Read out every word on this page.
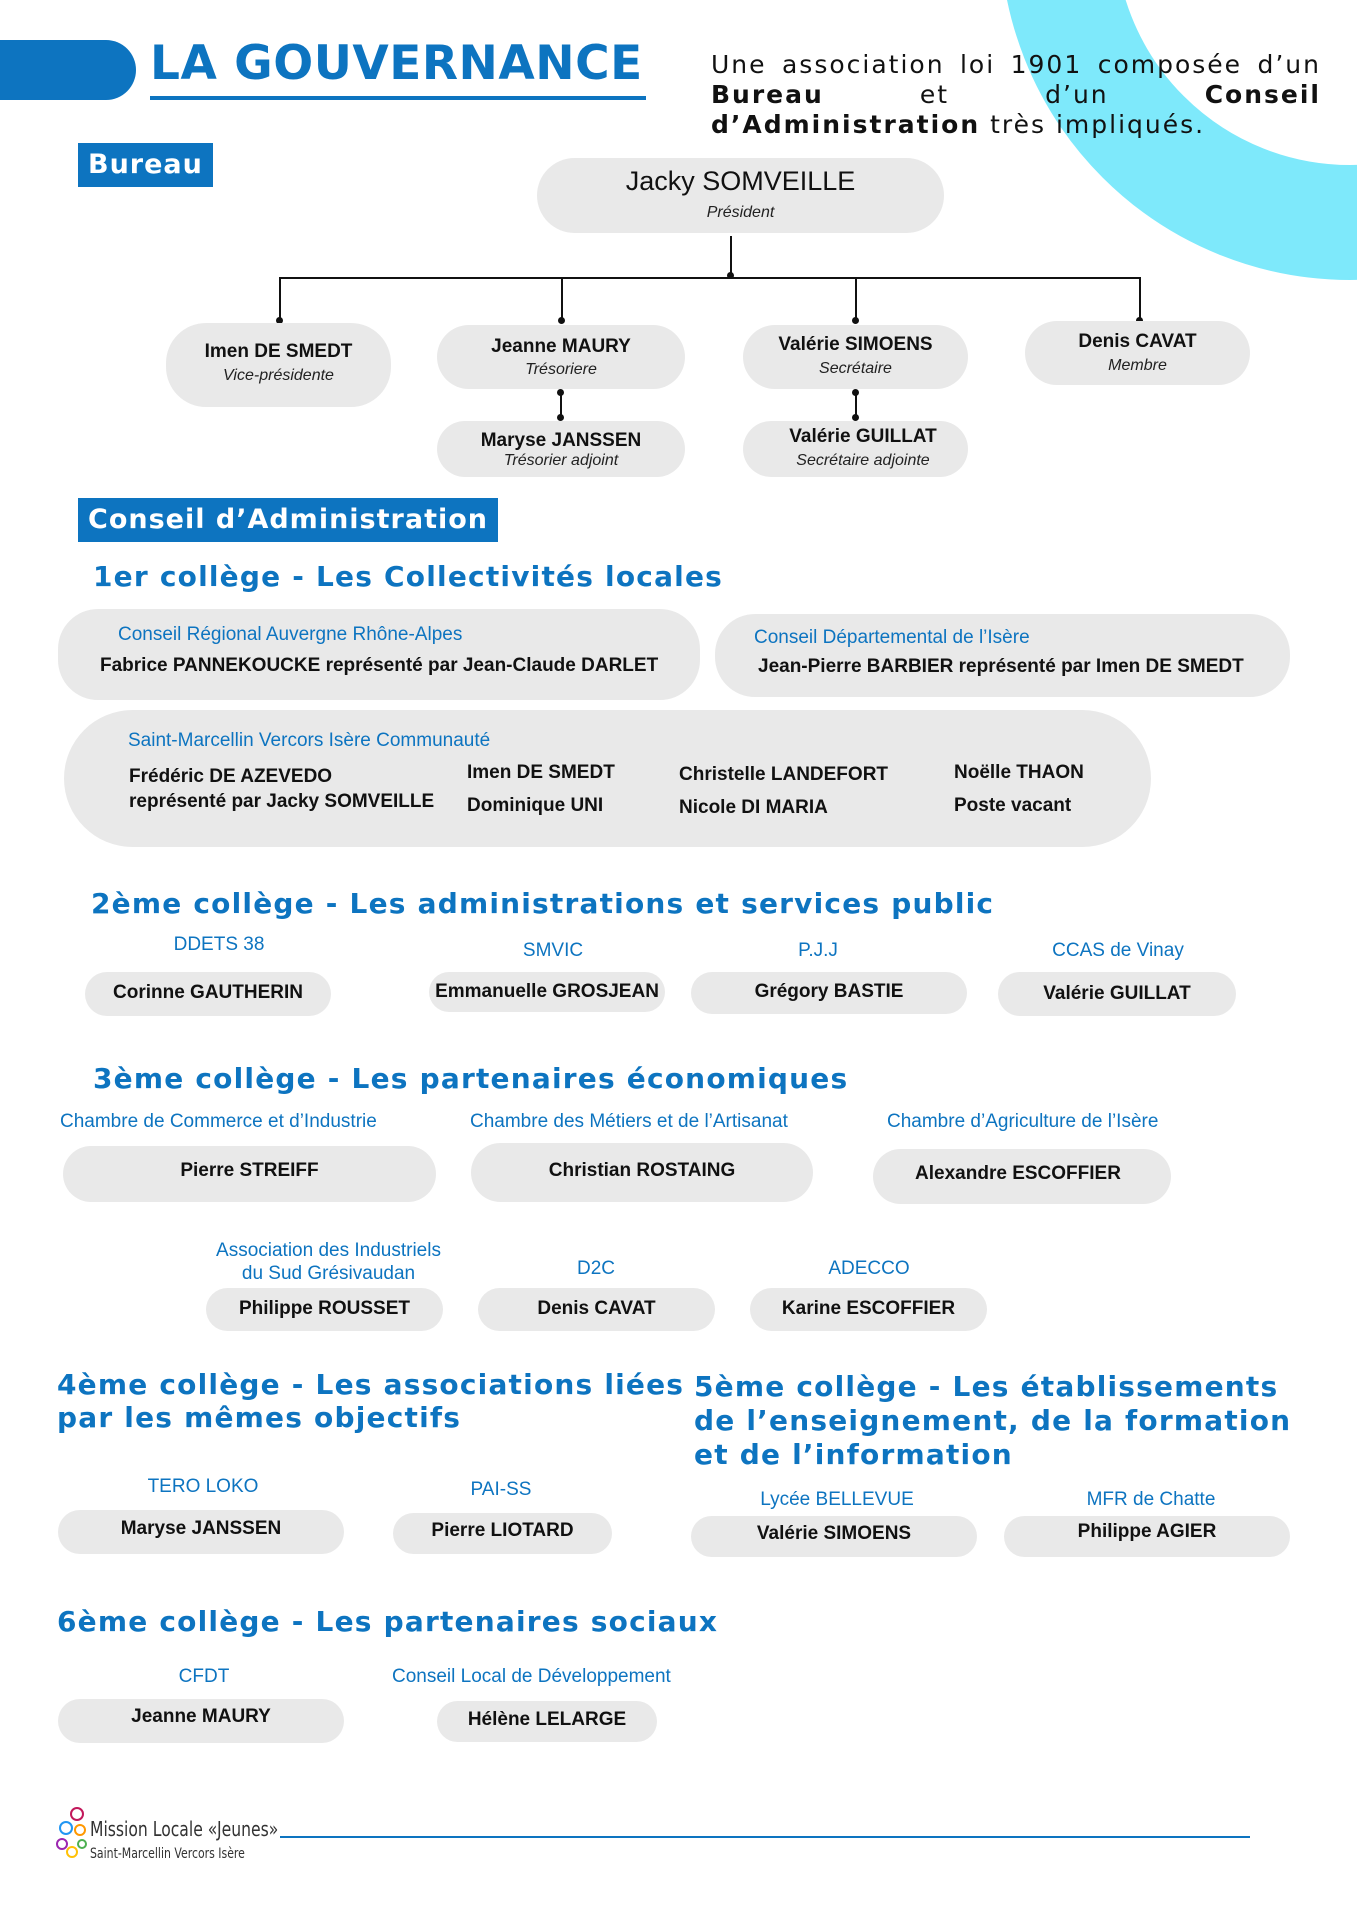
LA GOUVERNANCE	Une association loi 1901 composée d’un Bureau et d’un Conseil d’Administration très impliqués.
Bureau
Jacky SOMVEILLE
Président
Imen DE SMEDT
Vice-présidente
Jeanne MAURY
Trésoriere
Valérie SIMOENS
Secrétaire
Denis CAVAT
Membre
Maryse JANSSEN
Trésorier adjoint
Valérie GUILLAT
Secrétaire adjointe
Conseil d’Administration
1er collège - Les Collectivités locales
Conseil Régional Auvergne Rhône-Alpes
Fabrice PANNEKOUCKE représenté par Jean-Claude DARLET
Conseil Départemental de l’Isère
Jean-Pierre BARBIER représenté par Imen DE SMEDT
Saint-Marcellin Vercors Isère Communauté
Frédéric DE AZEVEDO
représenté par Jacky SOMVEILLE
Imen DE SMEDT
Dominique UNI
Christelle LANDEFORT
Nicole DI MARIA
Noëlle THAON
Poste vacant
2ème collège - Les administrations et services public
DDETS 38
Corinne GAUTHERIN
SMVIC
Emmanuelle GROSJEAN
P.J.J
Grégory BASTIE
CCAS de Vinay
Valérie GUILLAT
3ème collège - Les partenaires économiques
Chambre de Commerce et d’Industrie
Pierre STREIFF
Chambre des Métiers et de l’Artisanat
Christian ROSTAING
Chambre d’Agriculture de l’Isère
Alexandre ESCOFFIER
Association des Industriels
du Sud Grésivaudan
Philippe ROUSSET
D2C
Denis CAVAT
ADECCO
Karine ESCOFFIER
4ème collège - Les associations liées
par les mêmes objectifs
TERO LOKO
Maryse JANSSEN
PAI-SS
Pierre LIOTARD
5ème collège - Les établissements
de l’enseignement, de la formation
et de l’information
Lycée BELLEVUE
Valérie SIMOENS
MFR de Chatte
Philippe AGIER
6ème collège - Les partenaires sociaux
CFDT
Jeanne MAURY
Conseil Local de Développement
Hélène LELARGE
Mission Locale «Jeunes»
Saint-Marcellin Vercors Isère
